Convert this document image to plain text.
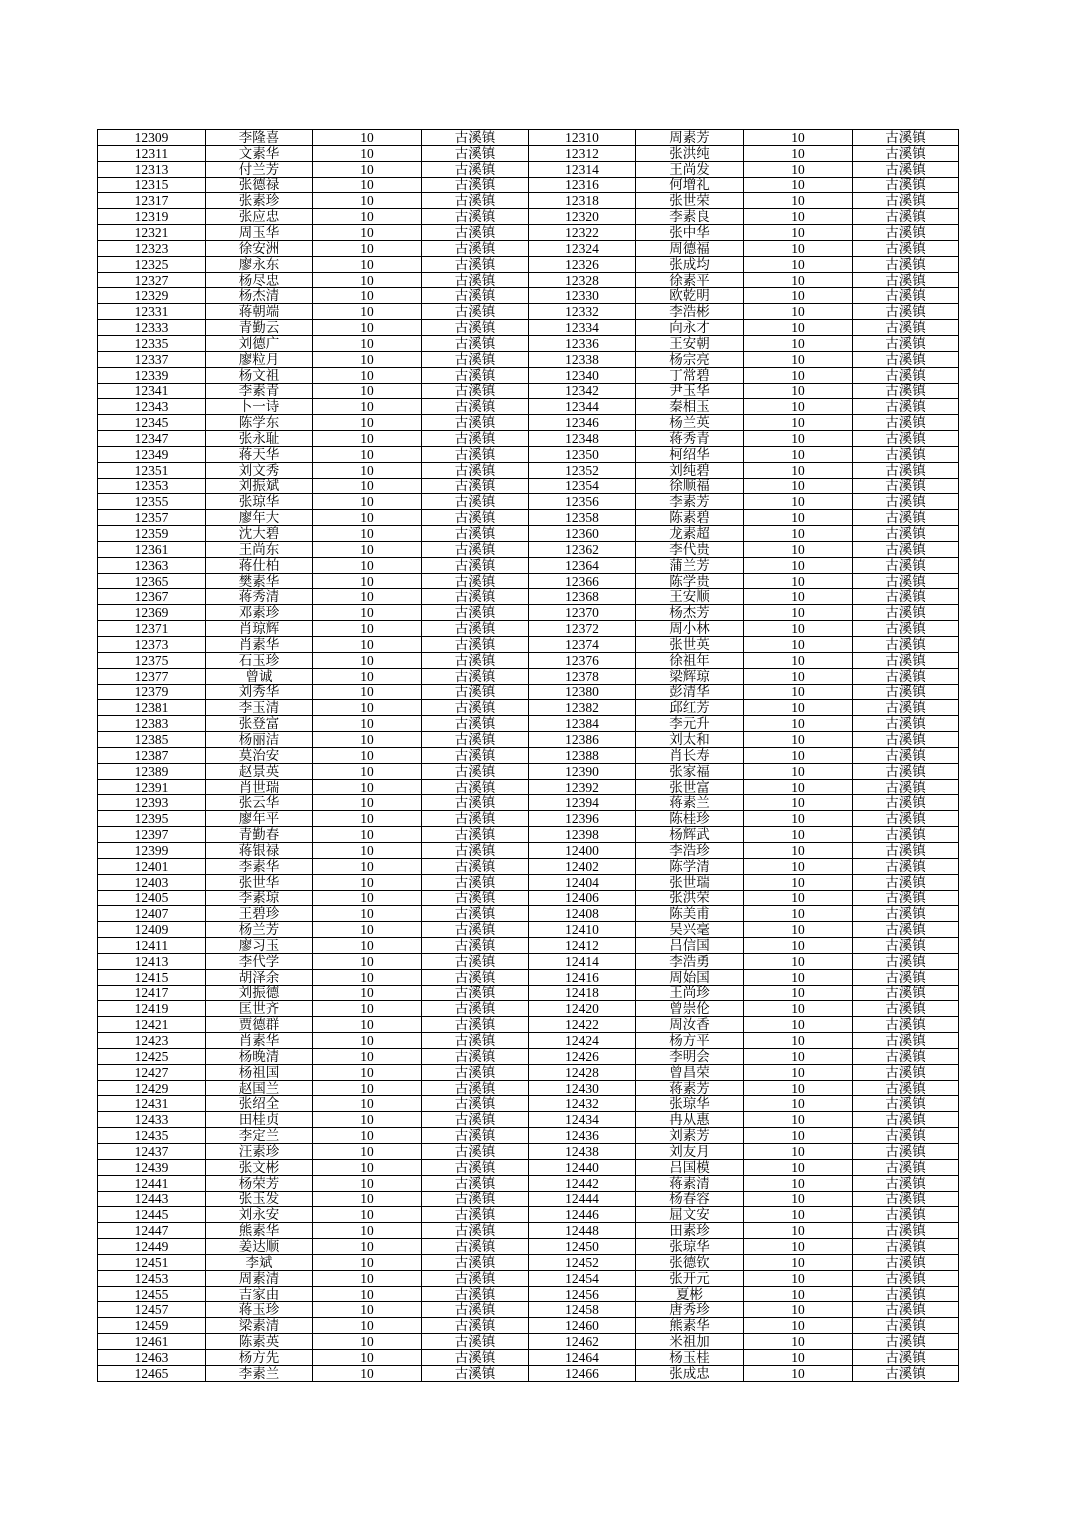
12309	李隆喜	10	古溪镇	12310	周素芳	10	古溪镇
12311	文素华	10	古溪镇	12312	张洪纯	10	古溪镇
12313	付兰芳	10	古溪镇	12314	王尚发	10	古溪镇
12315	张德禄	10	古溪镇	12316	何增礼	10	古溪镇
12317	张素珍	10	古溪镇	12318	张世荣	10	古溪镇
12319	张应忠	10	古溪镇	12320	李素良	10	古溪镇
12321	周玉华	10	古溪镇	12322	张中华	10	古溪镇
12323	徐安洲	10	古溪镇	12324	周德福	10	古溪镇
12325	廖永东	10	古溪镇	12326	张成均	10	古溪镇
12327	杨尽忠	10	古溪镇	12328	徐素平	10	古溪镇
12329	杨杰清	10	古溪镇	12330	欧乾明	10	古溪镇
12331	蒋朝端	10	古溪镇	12332	李浩彬	10	古溪镇
12333	青勤云	10	古溪镇	12334	向永才	10	古溪镇
12335	刘德广	10	古溪镇	12336	王安朝	10	古溪镇
12337	廖粒月	10	古溪镇	12338	杨宗亮	10	古溪镇
12339	杨文祖	10	古溪镇	12340	丁常碧	10	古溪镇
12341	李素青	10	古溪镇	12342	尹玉华	10	古溪镇
12343	卜一诗	10	古溪镇	12344	秦相玉	10	古溪镇
12345	陈学东	10	古溪镇	12346	杨兰英	10	古溪镇
12347	张永耻	10	古溪镇	12348	蒋秀青	10	古溪镇
12349	蒋天华	10	古溪镇	12350	柯绍华	10	古溪镇
12351	刘文秀	10	古溪镇	12352	刘纯碧	10	古溪镇
12353	刘振斌	10	古溪镇	12354	徐顺福	10	古溪镇
12355	张琼华	10	古溪镇	12356	李素芳	10	古溪镇
12357	廖年大	10	古溪镇	12358	陈素碧	10	古溪镇
12359	沈大碧	10	古溪镇	12360	龙素超	10	古溪镇
12361	王尚东	10	古溪镇	12362	李代贵	10	古溪镇
12363	蒋仕柏	10	古溪镇	12364	蒲兰芳	10	古溪镇
12365	樊素华	10	古溪镇	12366	陈学贵	10	古溪镇
12367	蒋秀清	10	古溪镇	12368	王安顺	10	古溪镇
12369	邓素珍	10	古溪镇	12370	杨杰芳	10	古溪镇
12371	肖琼辉	10	古溪镇	12372	周小林	10	古溪镇
12373	肖素华	10	古溪镇	12374	张世英	10	古溪镇
12375	石玉珍	10	古溪镇	12376	徐祖年	10	古溪镇
12377	曾诚	10	古溪镇	12378	梁辉琼	10	古溪镇
12379	刘秀华	10	古溪镇	12380	彭清华	10	古溪镇
12381	李玉清	10	古溪镇	12382	邱红芳	10	古溪镇
12383	张登富	10	古溪镇	12384	李元升	10	古溪镇
12385	杨丽洁	10	古溪镇	12386	刘太和	10	古溪镇
12387	莫治安	10	古溪镇	12388	肖长寿	10	古溪镇
12389	赵景英	10	古溪镇	12390	张家福	10	古溪镇
12391	肖世瑞	10	古溪镇	12392	张世富	10	古溪镇
12393	张云华	10	古溪镇	12394	蒋素兰	10	古溪镇
12395	廖年平	10	古溪镇	12396	陈桂珍	10	古溪镇
12397	青勤春	10	古溪镇	12398	杨辉武	10	古溪镇
12399	蒋银禄	10	古溪镇	12400	李浩珍	10	古溪镇
12401	李素华	10	古溪镇	12402	陈学清	10	古溪镇
12403	张世华	10	古溪镇	12404	张世瑞	10	古溪镇
12405	李素琼	10	古溪镇	12406	张洪荣	10	古溪镇
12407	王碧珍	10	古溪镇	12408	陈美甫	10	古溪镇
12409	杨兰芳	10	古溪镇	12410	吴兴毫	10	古溪镇
12411	廖习玉	10	古溪镇	12412	吕信国	10	古溪镇
12413	李代学	10	古溪镇	12414	李浩勇	10	古溪镇
12415	胡泽余	10	古溪镇	12416	周始国	10	古溪镇
12417	刘振德	10	古溪镇	12418	王尚珍	10	古溪镇
12419	匡世齐	10	古溪镇	12420	曾崇伦	10	古溪镇
12421	贾德群	10	古溪镇	12422	周汝香	10	古溪镇
12423	肖素华	10	古溪镇	12424	杨方平	10	古溪镇
12425	杨晚清	10	古溪镇	12426	李明会	10	古溪镇
12427	杨祖国	10	古溪镇	12428	曾昌荣	10	古溪镇
12429	赵国兰	10	古溪镇	12430	蒋素芳	10	古溪镇
12431	张绍全	10	古溪镇	12432	张琼华	10	古溪镇
12433	田桂贞	10	古溪镇	12434	冉从惠	10	古溪镇
12435	李定兰	10	古溪镇	12436	刘素芳	10	古溪镇
12437	汪素珍	10	古溪镇	12438	刘友月	10	古溪镇
12439	张文彬	10	古溪镇	12440	吕国模	10	古溪镇
12441	杨荣芳	10	古溪镇	12442	蒋素清	10	古溪镇
12443	张玉发	10	古溪镇	12444	杨春容	10	古溪镇
12445	刘永安	10	古溪镇	12446	屈文安	10	古溪镇
12447	熊素华	10	古溪镇	12448	田素珍	10	古溪镇
12449	姜达顺	10	古溪镇	12450	张琼华	10	古溪镇
12451	李斌	10	古溪镇	12452	张德钦	10	古溪镇
12453	周素清	10	古溪镇	12454	张开元	10	古溪镇
12455	吉家由	10	古溪镇	12456	夏彬	10	古溪镇
12457	蒋玉珍	10	古溪镇	12458	唐秀珍	10	古溪镇
12459	梁素清	10	古溪镇	12460	熊素华	10	古溪镇
12461	陈素英	10	古溪镇	12462	米祖加	10	古溪镇
12463	杨方先	10	古溪镇	12464	杨玉桂	10	古溪镇
12465	李素兰	10	古溪镇	12466	张成忠	10	古溪镇
